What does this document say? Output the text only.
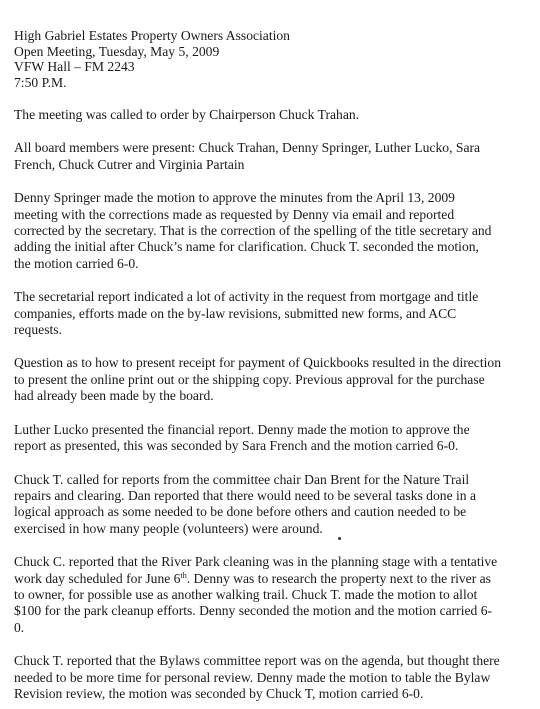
High Gabriel Estates Property Owners Association

Open Meeting, Tuesday, May 5, 2009

VFW Hall – FM 2243

7:50 P.M.

The meeting was called to order by Chairperson Chuck Trahan.
All board members were present: Chuck Trahan, Denny Springer, Luther Lucko, Sara
French, Chuck Cutrer and Virginia Partain
Denny Springer made the motion to approve the minutes from the April 13, 2009
meeting with the corrections made as requested by Denny via email and reported
corrected by the secretary. That is the correction of the spelling of the title secretary and
adding the initial after Chuck’s name for clarification. Chuck T. seconded the motion,
the motion carried 6-0.
The secretarial report indicated a lot of activity in the request from mortgage and title
companies, efforts made on the by-law revisions, submitted new forms, and ACC
requests.
Question as to how to present receipt for payment of Quickbooks resulted in the direction
to present the online print out or the shipping copy. Previous approval for the purchase
had already been made by the board.
Luther Lucko presented the financial report. Denny made the motion to approve the
report as presented, this was seconded by Sara French and the motion carried 6-0.
Chuck T. called for reports from the committee chair Dan Brent for the Nature Trail
repairs and clearing. Dan reported that there would need to be several tasks done in a
logical approach as some needed to be done before others and caution needed to be
exercised in how many people (volunteers) were around.
Chuck C. reported that the River Park cleaning was in the planning stage with a tentative
work day scheduled for June 6th. Denny was to research the property next to the river as
to owner, for possible use as another walking trail. Chuck T. made the motion to allot
$100 for the park cleanup efforts. Denny seconded the motion and the motion carried 6-
0.
Chuck T. reported that the Bylaws committee report was on the agenda, but thought there
needed to be more time for personal review. Denny made the motion to table the Bylaw
Revision review, the motion was seconded by Chuck T, motion carried 6-0.
